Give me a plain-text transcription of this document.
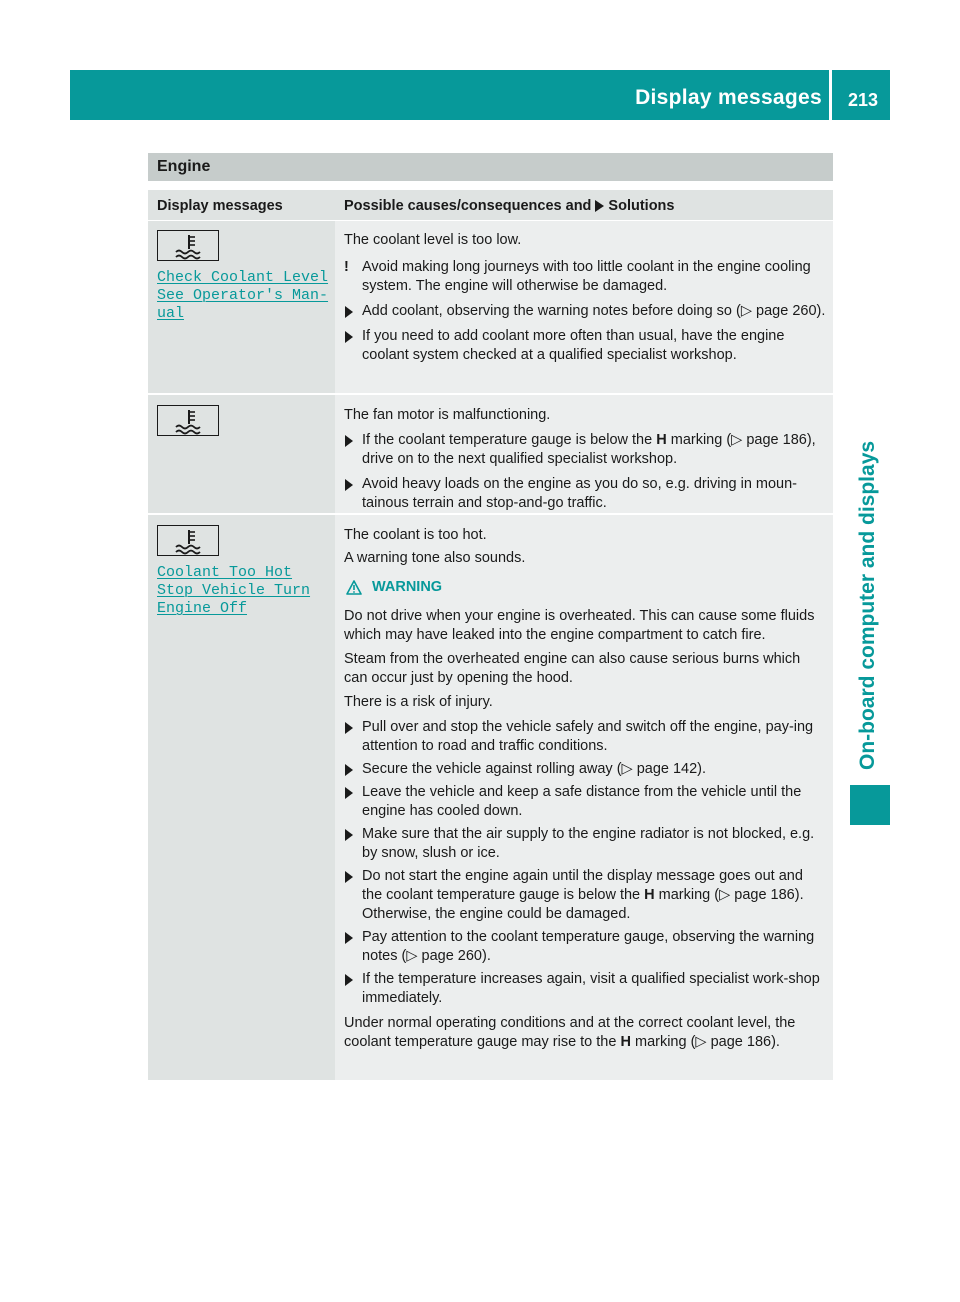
Display messages	213
On-board computer and displays
Engine
Display messages	Possible causes/consequences and Solutions
Check Coolant Level
See Operator's Man‐
ual
The coolant level is too low.
! Avoid making long journeys with too little coolant in the engine cooling system. The engine will otherwise be damaged.
Add coolant, observing the warning notes before doing so (▷ page 260).
If you need to add coolant more often than usual, have the engine coolant system checked at a qualified specialist workshop.
The fan motor is malfunctioning.
If the coolant temperature gauge is below the H marking (▷ page 186), drive on to the next qualified specialist workshop.
Avoid heavy loads on the engine as you do so, e.g. driving in moun‐tainous terrain and stop-and-go traffic.
Coolant Too Hot
Stop Vehicle Turn
Engine Off
The coolant is too hot.
A warning tone also sounds.
WARNING
Do not drive when your engine is overheated. This can cause some fluids which may have leaked into the engine compartment to catch fire.
Steam from the overheated engine can also cause serious burns which can occur just by opening the hood.
There is a risk of injury.
Pull over and stop the vehicle safely and switch off the engine, pay‐ing attention to road and traffic conditions.
Secure the vehicle against rolling away (▷ page 142).
Leave the vehicle and keep a safe distance from the vehicle until the engine has cooled down.
Make sure that the air supply to the engine radiator is not blocked, e.g. by snow, slush or ice.
Do not start the engine again until the display message goes out and the coolant temperature gauge is below the H marking (▷ page 186). Otherwise, the engine could be damaged.
Pay attention to the coolant temperature gauge, observing the warning notes (▷ page 260).
If the temperature increases again, visit a qualified specialist work‐shop immediately.
Under normal operating conditions and at the correct coolant level, the coolant temperature gauge may rise to the H marking (▷ page 186).
